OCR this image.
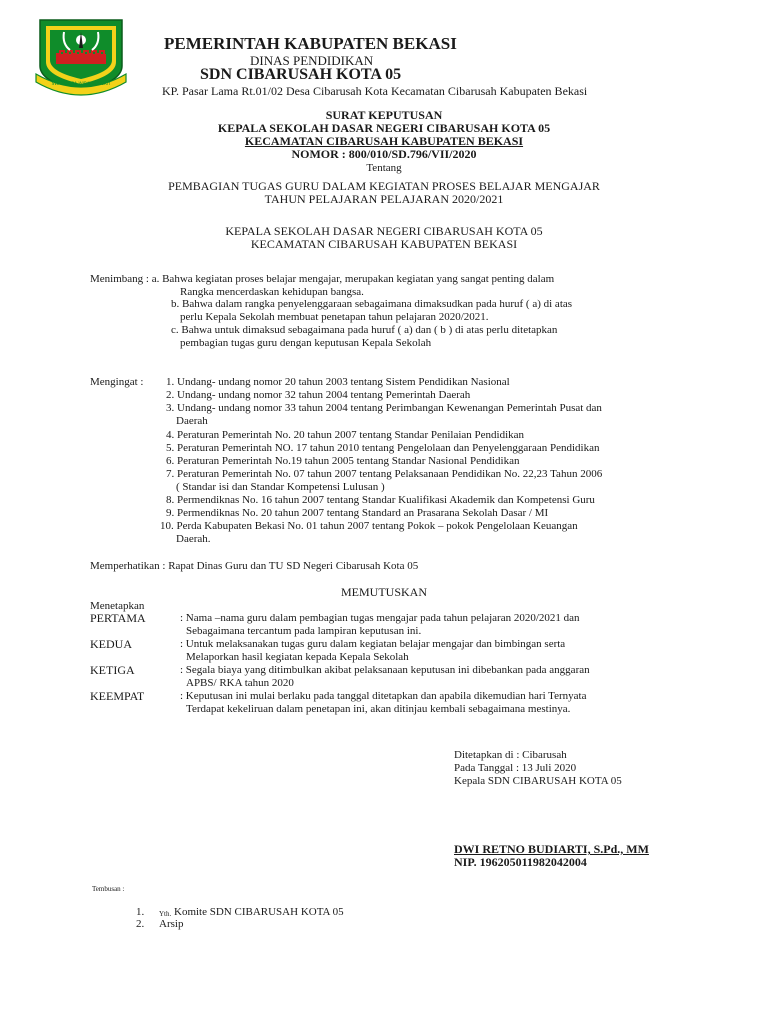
SWATANTRA WIBAWA MUKTI
PEMERINTAH KABUPATEN BEKASI
DINAS PENDIDIKAN
SDN CIBARUSAH KOTA 05
KP. Pasar Lama Rt.01/02 Desa Cibarusah Kota Kecamatan Cibarusah Kabupaten Bekasi
SURAT KEPUTUSAN
KEPALA SEKOLAH DASAR NEGERI CIBARUSAH KOTA 05
KECAMATAN CIBARUSAH KABUPATEN BEKASI
NOMOR : 800/010/SD.796/VII/2020
Tentang
PEMBAGIAN TUGAS GURU DALAM KEGIATAN PROSES BELAJAR MENGAJAR
TAHUN PELAJARAN PELAJARAN 2020/2021
KEPALA SEKOLAH DASAR NEGERI CIBARUSAH KOTA 05
KECAMATAN CIBARUSAH KABUPATEN BEKASI
Menimbang : a. Bahwa kegiatan proses belajar mengajar, merupakan kegiatan yang sangat penting dalam
Rangka mencerdaskan kehidupan bangsa.
b. Bahwa dalam rangka penyelenggaraan sebagaimana dimaksudkan pada huruf ( a) di atas
perlu Kepala Sekolah membuat penetapan tahun pelajaran 2020/2021.
c. Bahwa untuk dimaksud sebagaimana pada huruf ( a) dan ( b ) di atas perlu ditetapkan
pembagian tugas guru dengan keputusan Kepala Sekolah
Mengingat : 1. Undang- undang nomor 20 tahun 2003 tentang Sistem Pendidikan Nasional
2. Undang- undang nomor 32 tahun 2004 tentang Pemerintah Daerah
3. Undang- undang nomor 33 tahun 2004 tentang Perimbangan Kewenangan Pemerintah Pusat dan
Daerah
4. Peraturan Pemerintah No. 20 tahun 2007 tentang Standar Penilaian Pendidikan
5. Peraturan Pemerintah NO. 17 tahun 2010 tentang Pengelolaan dan Penyelenggaraan Pendidikan
6. Peraturan Pemerintah No.19 tahun 2005 tentang Standar Nasional Pendidikan
7. Peraturan Pemerintah No. 07 tahun 2007 tentang Pelaksanaan Pendidikan No. 22,23 Tahun 2006
( Standar isi dan Standar Kompetensi Lulusan )
8. Permendiknas No. 16 tahun 2007 tentang Standar Kualifikasi Akademik dan Kompetensi Guru
9. Permendiknas No. 20 tahun 2007 tentang Standard an Prasarana Sekolah Dasar / MI
10. Perda Kabupaten Bekasi No. 01 tahun 2007 tentang Pokok – pokok Pengelolaan Keuangan
Daerah.
Memperhatikan : Rapat Dinas Guru dan TU SD Negeri Cibarusah Kota 05
MEMUTUSKAN
Menetapkan
PERTAMA	: Nama –nama guru dalam pembagian tugas mengajar pada tahun pelajaran 2020/2021 dan
Sebagaimana tercantum pada lampiran keputusan ini.
KEDUA	: Untuk melaksanakan tugas guru dalam kegiatan belajar mengajar dan bimbingan serta
Melaporkan hasil kegiatan kepada Kepala Sekolah
KETIGA	: Segala biaya yang ditimbulkan akibat pelaksanaan keputusan ini dibebankan pada anggaran
APBS/ RKA tahun 2020
KEEMPAT	: Keputusan ini mulai berlaku pada tanggal ditetapkan dan apabila dikemudian hari Ternyata
Terdapat kekeliruan dalam penetapan ini, akan ditinjau kembali sebagaimana mestinya.
Ditetapkan di : Cibarusah
Pada Tanggal : 13 Juli 2020
Kepala SDN CIBARUSAH KOTA 05
DWI RETNO BUDIARTI, S.Pd., MM
NIP. 196205011982042004
Tembusan :
1. Yth. Komite SDN CIBARUSAH KOTA 05
2. Arsip
